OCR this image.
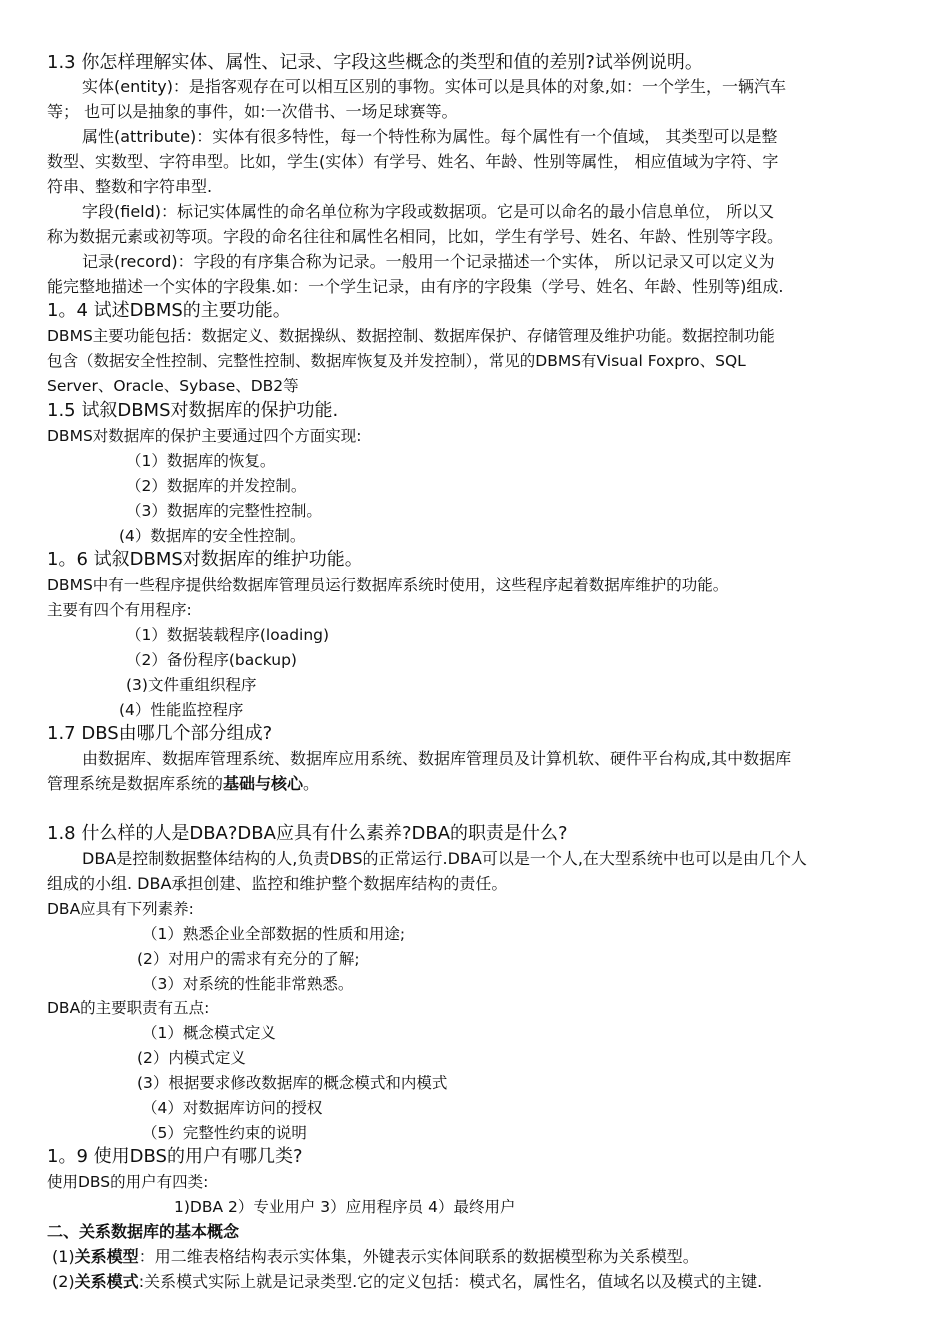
1.3 你怎样理解实体、属性、记录、字段这些概念的类型和值的差别?试举例说明。
实体(entity)：是指客观存在可以相互区别的事物。实体可以是具体的对象,如：一个学生，一辆汽车
等； 也可以是抽象的事件，如:一次借书、一场足球赛等。
属性(attribute)：实体有很多特性，每一个特性称为属性。每个属性有一个值域， 其类型可以是整
数型、实数型、字符串型。比如，学生(实体）有学号、姓名、年龄、性别等属性， 相应值域为字符、字
符串、整数和字符串型.
字段(field)：标记实体属性的命名单位称为字段或数据项。它是可以命名的最小信息单位， 所以又
称为数据元素或初等项。字段的命名往往和属性名相同，比如，学生有学号、姓名、年龄、性别等字段。
记录(record)：字段的有序集合称为记录。一般用一个记录描述一个实体， 所以记录又可以定义为
能完整地描述一个实体的字段集.如：一个学生记录，由有序的字段集（学号、姓名、年龄、性别等)组成.
1。4 试述DBMS的主要功能。
DBMS主要功能包括：数据定义、数据操纵、数据控制、数据库保护、存储管理及维护功能。数据控制功能
包含（数据安全性控制、完整性控制、数据库恢复及并发控制），常见的DBMS有Visual Foxpro、SQL
Server、Oracle、Sybase、DB2等
1.5 试叙DBMS对数据库的保护功能.
DBMS对数据库的保护主要通过四个方面实现:
（1）数据库的恢复。
（2）数据库的并发控制。
（3）数据库的完整性控制。
(4）数据库的安全性控制。
1。6 试叙DBMS对数据库的维护功能。
DBMS中有一些程序提供给数据库管理员运行数据库系统时使用，这些程序起着数据库维护的功能。
主要有四个有用程序:
（1）数据装载程序(loading)
（2）备份程序(backup)
(3)文件重组织程序
(4）性能监控程序
1.7 DBS由哪几个部分组成?
由数据库、数据库管理系统、数据库应用系统、数据库管理员及计算机软、硬件平台构成,其中数据库
管理系统是数据库系统的基础与核心。
1.8 什么样的人是DBA?DBA应具有什么素养?DBA的职责是什么?
DBA是控制数据整体结构的人,负责DBS的正常运行.DBA可以是一个人,在大型系统中也可以是由几个人
组成的小组. DBA承担创建、监控和维护整个数据库结构的责任。
DBA应具有下列素养:
（1）熟悉企业全部数据的性质和用途;
(2）对用户的需求有充分的了解;
（3）对系统的性能非常熟悉。
DBA的主要职责有五点:
（1）概念模式定义
(2）内模式定义
(3）根据要求修改数据库的概念模式和内模式
（4）对数据库访问的授权
（5）完整性约束的说明
1。9 使用DBS的用户有哪几类?
使用DBS的用户有四类:
1)DBA 2）专业用户 3）应用程序员 4）最终用户
二、关系数据库的基本概念
(1)关系模型：用二维表格结构表示实体集，外键表示实体间联系的数据模型称为关系模型。
(2)关系模式:关系模式实际上就是记录类型.它的定义包括：模式名，属性名，值域名以及模式的主键.
